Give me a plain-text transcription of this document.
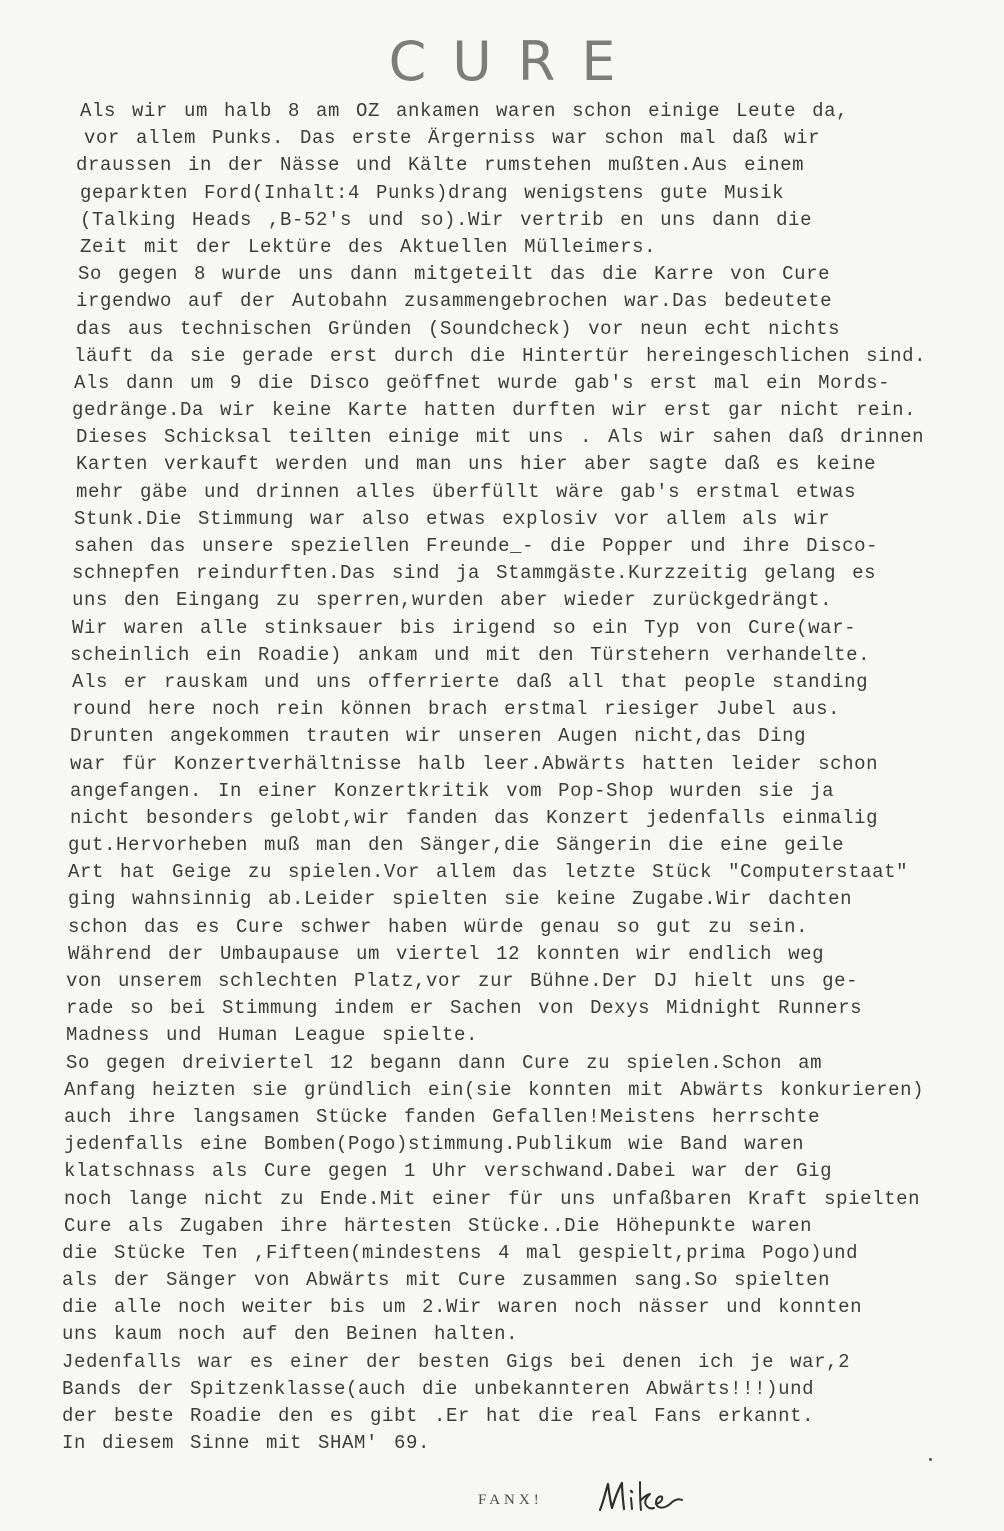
CURE
Als wir um halb 8 am OZ ankamen waren schon einige Leute da,
vor allem Punks. Das erste Ärgerniss war schon mal daß wir
draussen in der Nässe und Kälte rumstehen mußten.Aus einem
geparkten Ford(Inhalt:4 Punks)drang wenigstens gute Musik
(Talking Heads ,B-52's und so).Wir vertrib en uns dann die
Zeit mit der Lektüre des Aktuellen Mülleimers.
So gegen 8 wurde uns dann mitgeteilt das die Karre von Cure
irgendwo auf der Autobahn zusammengebrochen war.Das bedeutete
das aus technischen Gründen (Soundcheck) vor neun echt nichts
läuft da sie gerade erst durch die Hintertür hereingeschlichen sind.
Als dann um 9 die Disco geöffnet wurde gab's erst mal ein Mords-
gedränge.Da wir keine Karte hatten durften wir erst gar nicht rein.
Dieses Schicksal teilten einige mit uns . Als wir sahen daß drinnen
Karten verkauft werden und man uns hier aber sagte daß es keine
mehr gäbe und drinnen alles überfüllt wäre gab's erstmal etwas
Stunk.Die Stimmung war also etwas explosiv vor allem als wir
sahen das unsere speziellen Freunde_- die Popper und ihre Disco-
schnepfen reindurften.Das sind ja Stammgäste.Kurzzeitig gelang es
uns den Eingang zu sperren,wurden aber wieder zurückgedrängt.
Wir waren alle stinksauer bis irigend so ein Typ von Cure(war-
scheinlich ein Roadie) ankam und mit den Türstehern verhandelte.
Als er rauskam und uns offerrierte daß all that people standing
round here noch rein können brach erstmal riesiger Jubel aus.
Drunten angekommen trauten wir unseren Augen nicht,das Ding
war für Konzertverhältnisse halb leer.Abwärts hatten leider schon
angefangen. In einer Konzertkritik vom Pop-Shop wurden sie ja
nicht besonders gelobt,wir fanden das Konzert jedenfalls einmalig
gut.Hervorheben muß man den Sänger,die Sängerin die eine geile
Art hat Geige zu spielen.Vor allem das letzte Stück "Computerstaat"
ging wahnsinnig ab.Leider spielten sie keine Zugabe.Wir dachten
schon das es Cure schwer haben würde genau so gut zu sein.
Während der Umbaupause um viertel 12 konnten wir endlich weg
von unserem schlechten Platz,vor zur Bühne.Der DJ hielt uns ge-
rade so bei Stimmung indem er Sachen von Dexys Midnight Runners
Madness und Human League spielte.
So gegen dreiviertel 12 begann dann Cure zu spielen.Schon am
Anfang heizten sie gründlich ein(sie konnten mit Abwärts konkurieren)
auch ihre langsamen Stücke fanden Gefallen!Meistens herrschte
jedenfalls eine Bomben(Pogo)stimmung.Publikum wie Band waren
klatschnass als Cure gegen 1 Uhr verschwand.Dabei war der Gig
noch lange nicht zu Ende.Mit einer für uns unfaßbaren Kraft spielten
Cure als Zugaben ihre härtesten Stücke..Die Höhepunkte waren
die Stücke Ten ,Fifteen(mindestens 4 mal gespielt,prima Pogo)und
als der Sänger von Abwärts mit Cure zusammen sang.So spielten
die alle noch weiter bis um 2.Wir waren noch nässer und konnten
uns kaum noch auf den Beinen halten.
Jedenfalls war es einer der besten Gigs bei denen ich je war,2
Bands der Spitzenklasse(auch die unbekannteren Abwärts!!!)und
der beste Roadie den es gibt .Er hat die real Fans erkannt.
In diesem Sinne mit SHAM' 69.
FANX!
